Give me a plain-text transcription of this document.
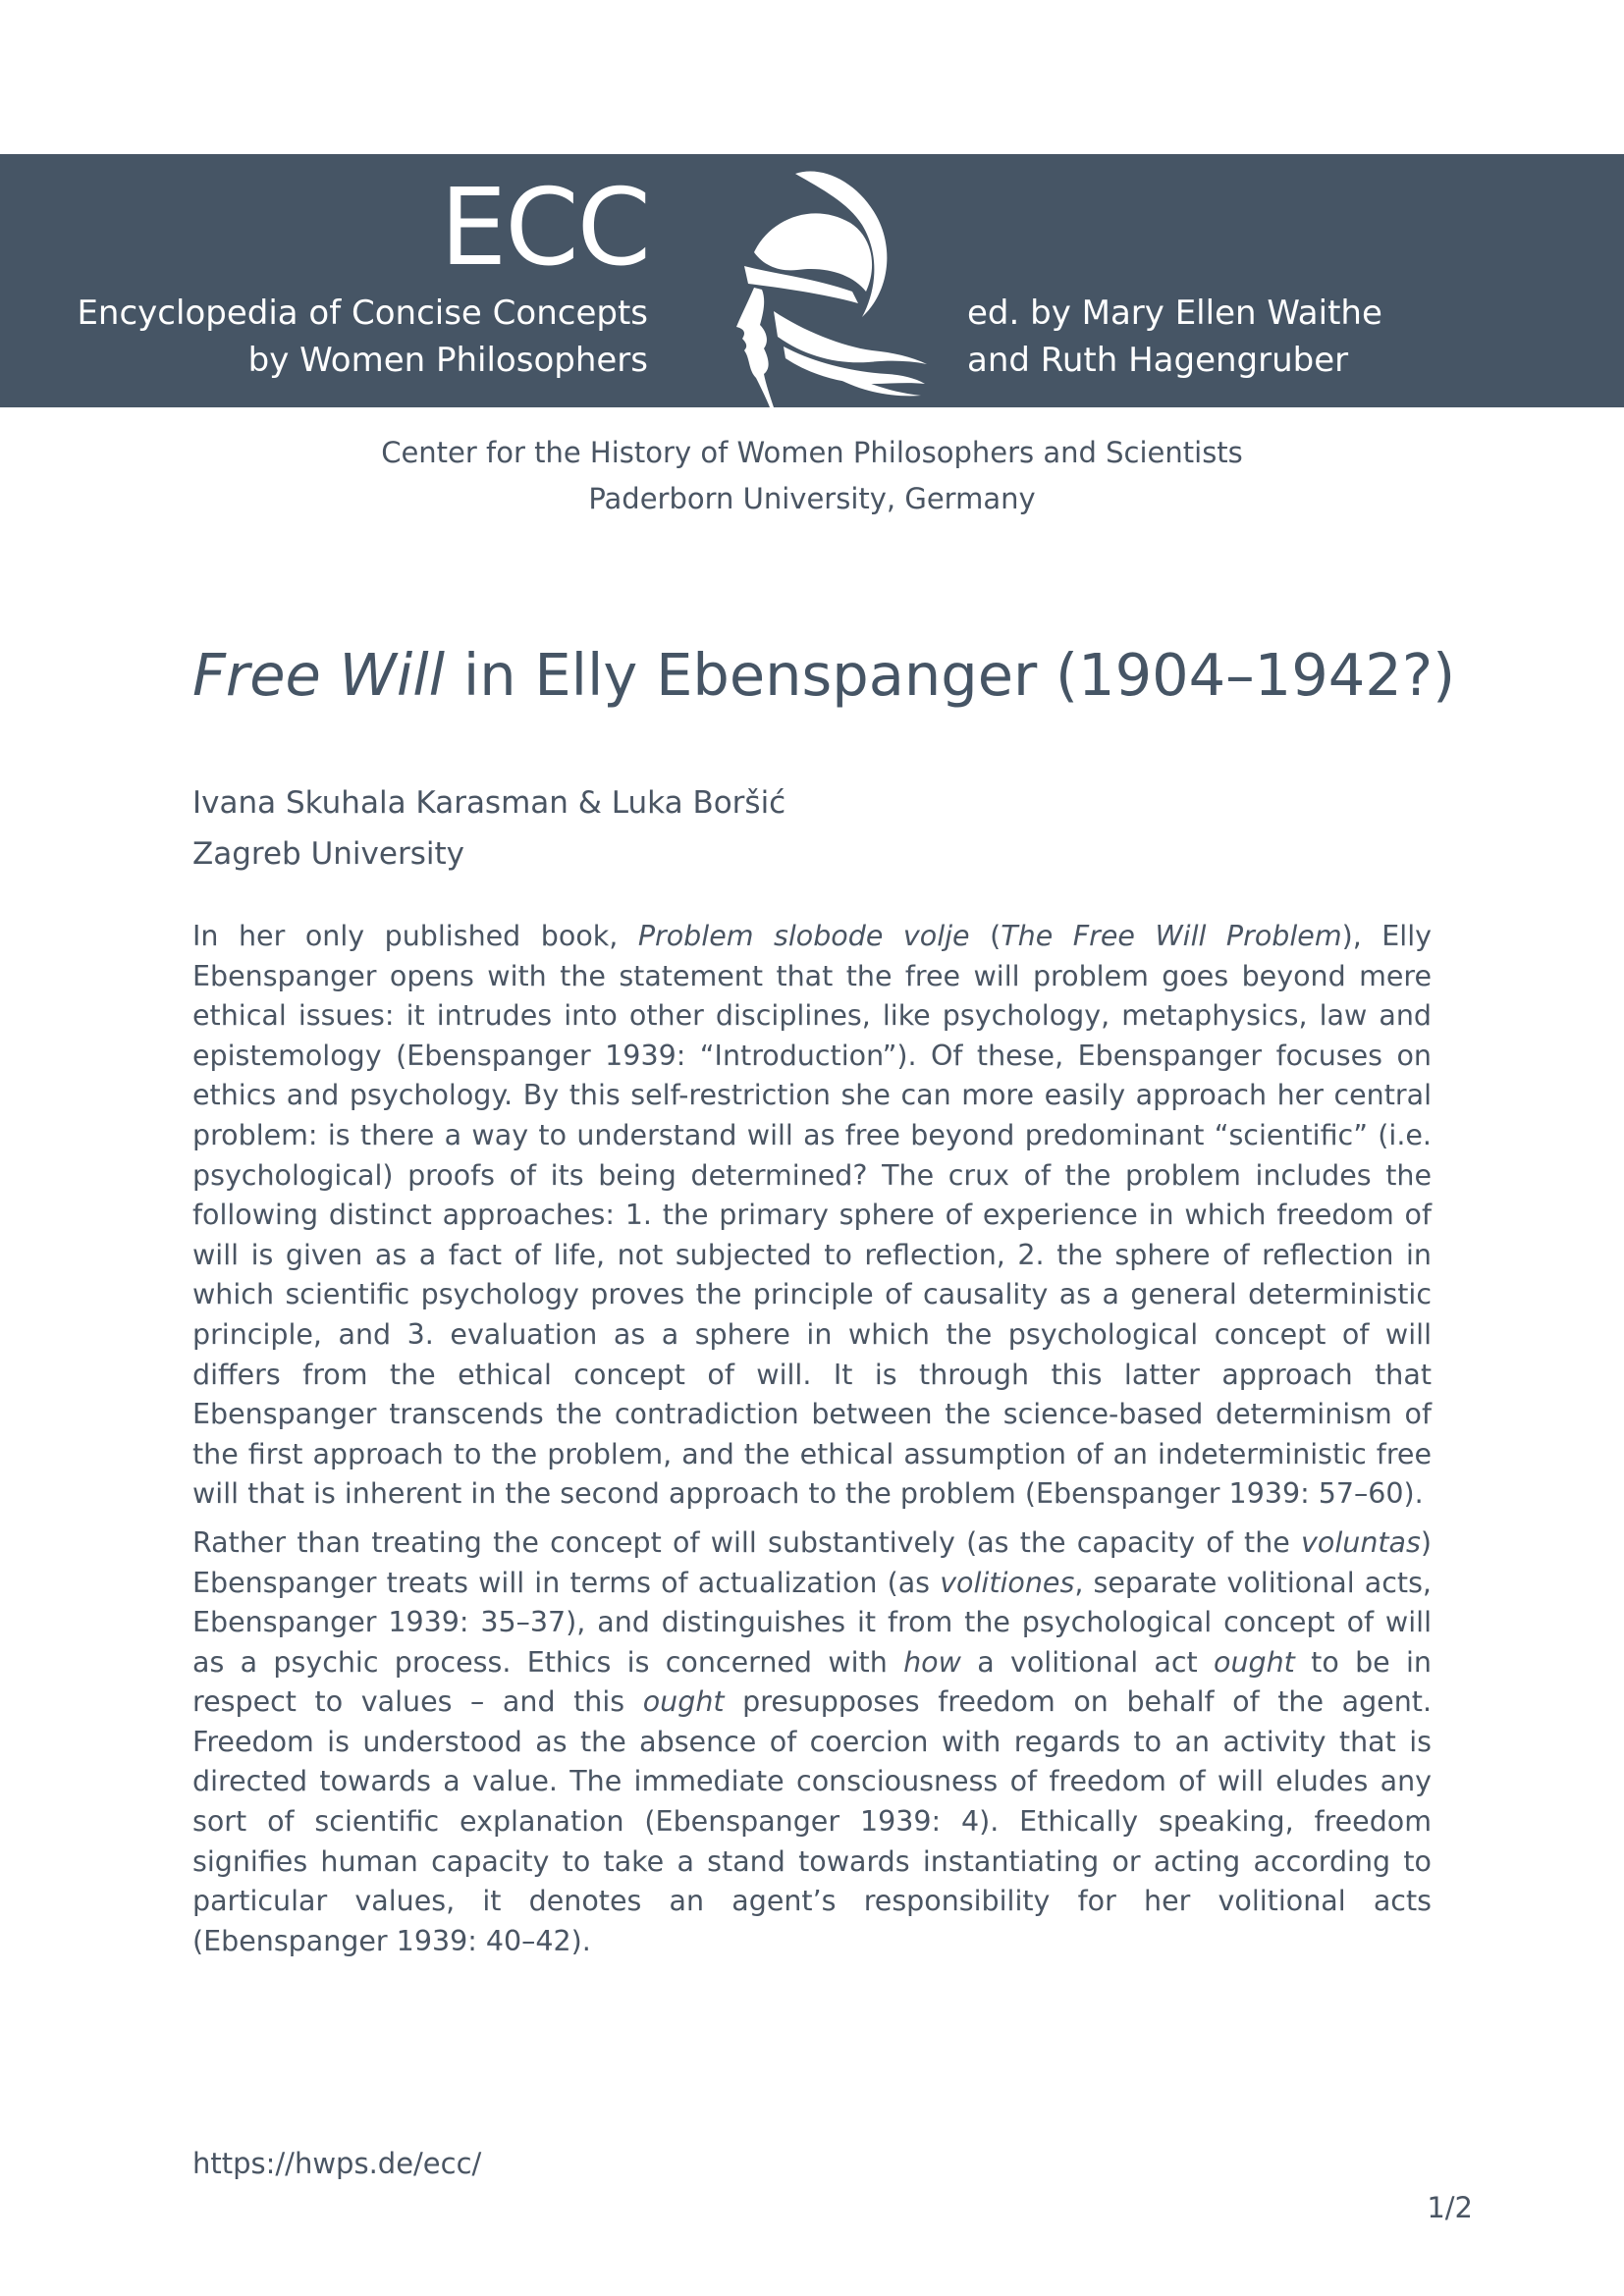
ECC
Encyclopedia of Concise Concepts
by Women Philosophers
ed. by Mary Ellen Waithe
and Ruth Hagengruber
Center for the History of Women Philosophers and Scientists
Paderborn University, Germany
Free Will in Elly Ebenspanger (1904–1942?)
Ivana Skuhala Karasman & Luka Boršić
Zagreb University

In her only published book, Problem slobode volje (The Free Will Problem), Elly Ebenspanger opens with the statement that the free will problem goes beyond mere ethical issues: it intrudes into other disciplines, like psychology, metaphysics, law and epistemology (Ebenspanger 1939: “Introduction”). Of these, Ebenspanger focuses on ethics and psychology. By this self-restriction she can more easily approach her central problem: is there a way to understand will as free beyond predominant “scientific” (i.e. psychological) proofs of its being determined? The crux of the problem includes the following distinct approaches: 1. the primary sphere of experience in which freedom of will is given as a fact of life, not subjected to reflection, 2. the sphere of reflection in which scientific psychology proves the principle of causality as a general deterministic principle, and 3. evaluation as a sphere in which the psychological concept of will differs from the ethical concept of will. It is through this latter approach that Ebenspanger transcends the contradiction between the science-based determinism of the first approach to the problem, and the ethical assumption of an indeterministic free will that is inherent in the second approach to the problem (Ebenspanger 1939: 57–60).

Rather than treating the concept of will substantively (as the capacity of the voluntas) Ebenspanger treats will in terms of actualization (as volitiones, separate volitional acts, Ebenspanger 1939: 35–37), and distinguishes it from the psychological concept of will as a psychic process. Ethics is concerned with how a volitional act ought to be in respect to values – and this ought presupposes freedom on behalf of the agent. Freedom is understood as the absence of coercion with regards to an activity that is directed towards a value. The immediate consciousness of freedom of will eludes any sort of scientific explanation (Ebenspanger 1939: 4). Ethically speaking, freedom signifies human capacity to take a stand towards instantiating or acting according to particular values, it denotes an agent’s responsibility for her volitional acts (Ebenspanger 1939: 40–42).

https://hwps.de/ecc/
1/2
